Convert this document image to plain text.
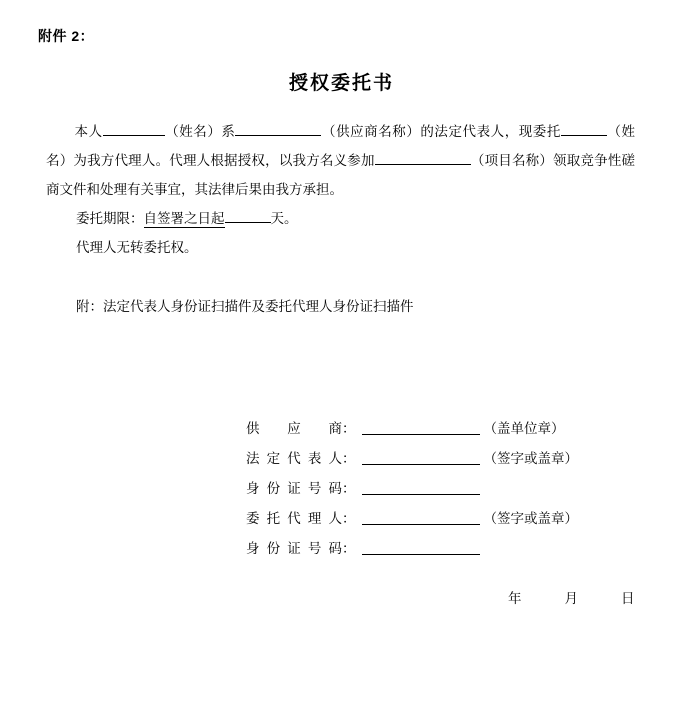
附件 2：
授权委托书

本人	（姓名）系	（供应商名称）的法定代表人，现委托	（姓名）为我方代理人。代理人根据授权，以我方名义参加	（项目名称）领取竞争性磋商文件和处理有关事宜，其法律后果由我方承担。

委托期限：自签署之日起	天。

代理人无转委托权。

附：法定代表人身份证扫描件及委托代理人身份证扫描件

供 应 商 ：	（盖单位章）
法定代表人 ：	（签字或盖章）
身份证号码 ：
委托代理人 ：	（签字或盖章）
身份证号码 ：
年	月	日
